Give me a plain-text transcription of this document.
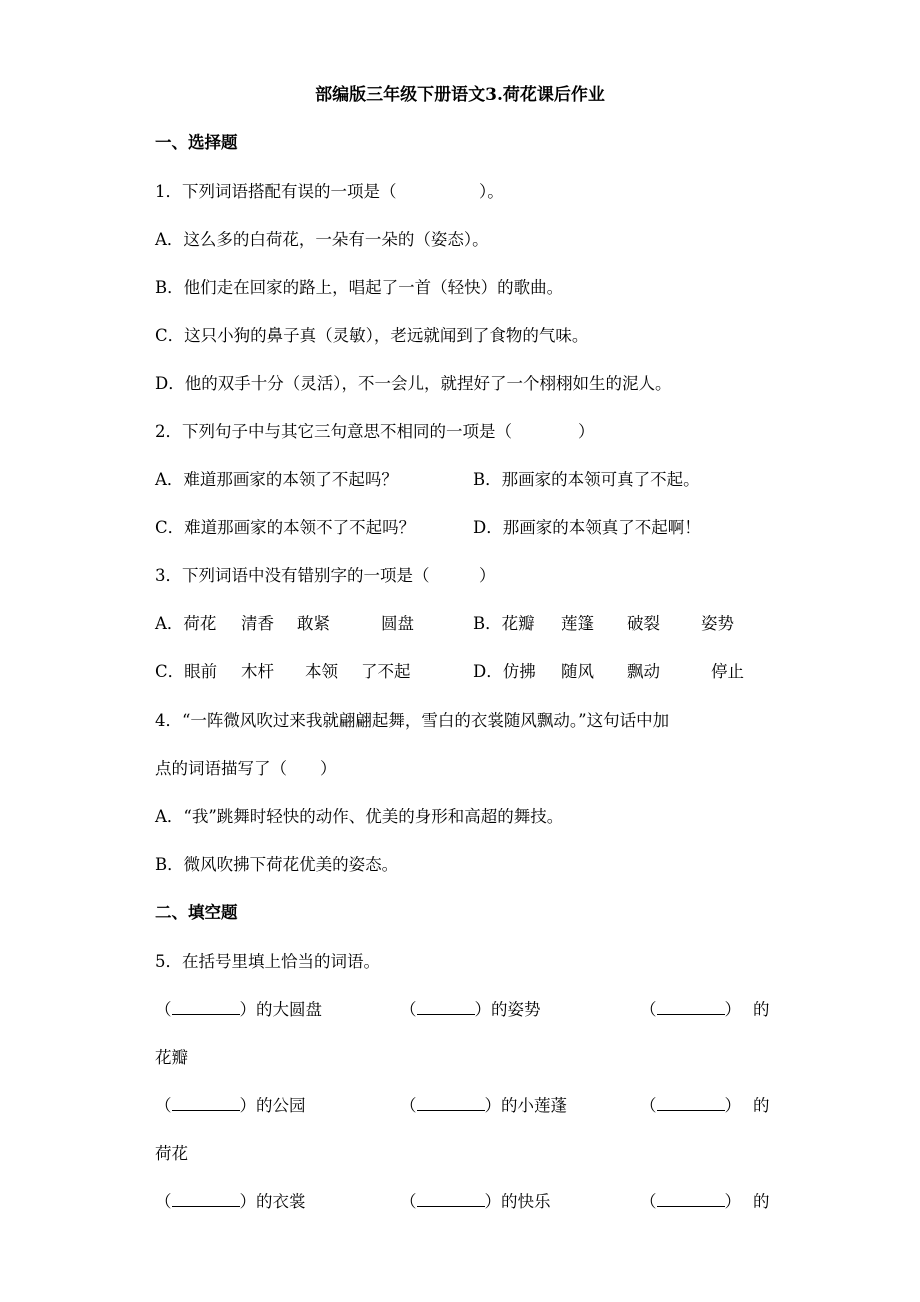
部编版三年级下册语文3.荷花课后作业
一、选择题
1．下列词语搭配有误的一项是（　　　　　）。
A．这么多的白荷花，一朵有一朵的（姿态）。
B．他们走在回家的路上，唱起了一首（轻快）的歌曲。
C．这只小狗的鼻子真（灵敏），老远就闻到了食物的气味。
D．他的双手十分（灵活），不一会儿，就捏好了一个栩栩如生的泥人。
2．下列句子中与其它三句意思不相同的一项是（　　　　）
A．难道那画家的本领了不起吗？	B．那画家的本领可真了不起。
C．难道那画家的本领不了不起吗？	D．那画家的本领真了不起啊！
3．下列词语中没有错别字的一项是（　　　）
A．荷花 清香 敢紧	圆盘	B．花瓣 莲篷 破裂 姿势
C．眼前 木杆 本领 了不起	D．仿拂 随风 飘动	停止
4．“一阵微风吹过来我就翩翩起舞，雪白的衣裳随风飘动。”这句话中加
点的词语描写了（　　）
A．“我”跳舞时轻快的动作、优美的身形和高超的舞技。
B．微风吹拂下荷花优美的姿态。
二、填空题
5．在括号里填上恰当的词语。
（	）的大圆盘	（	）的姿势	（	） 的
花瓣
（	）的公园	（	）的小莲蓬	（	） 的
荷花
（	）的衣裳	（	）的快乐	（	） 的
